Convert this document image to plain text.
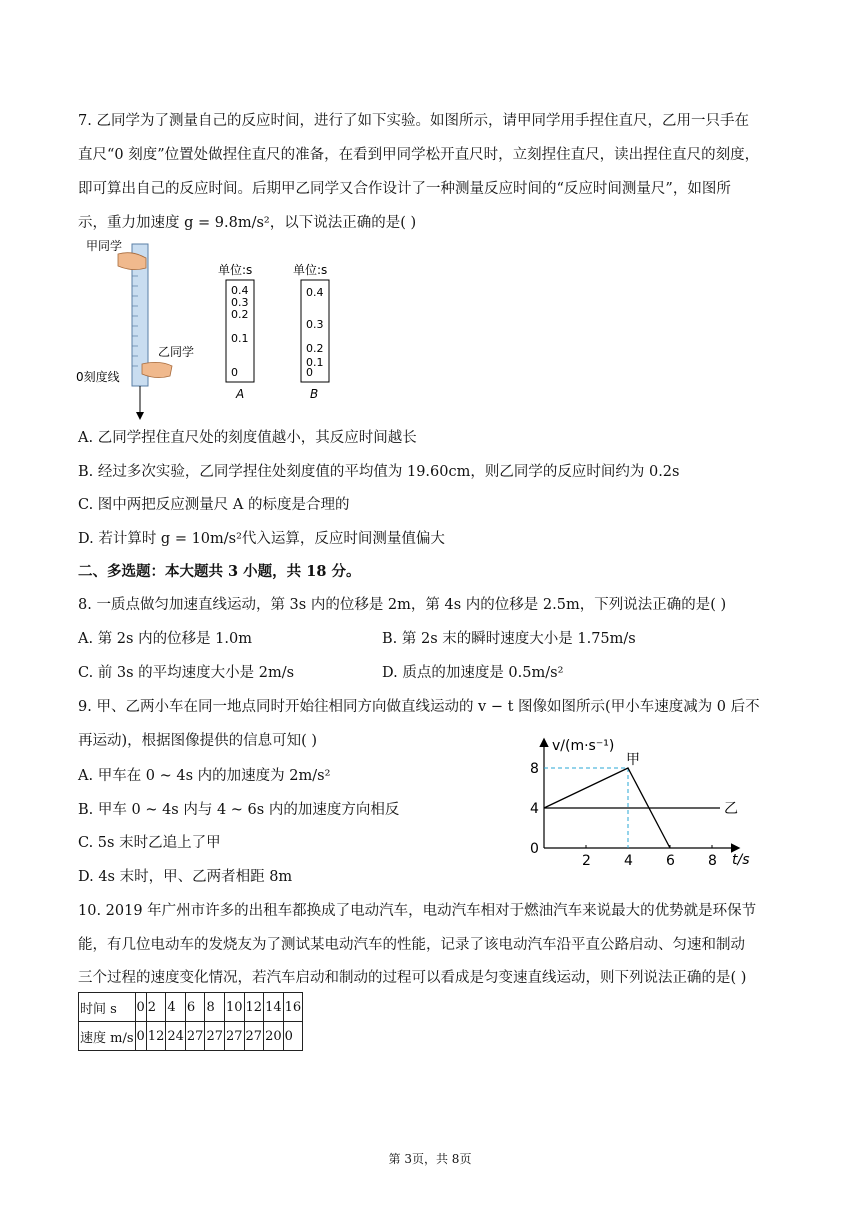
7. 乙同学为了测量自己的反应时间，进行了如下实验。如图所示，请甲同学用手捏住直尺，乙用一只手在
直尺“0 刻度”位置处做捏住直尺的准备，在看到甲同学松开直尺时，立刻捏住直尺，读出捏住直尺的刻度，
即可算出自己的反应时间。后期甲乙同学又合作设计了一种测量反应时间的“反应时间测量尺”，如图所
示，重力加速度 g = 9.8m/s²，以下说法正确的是( )
甲同学
乙同学
0刻度线
单位:s
0.4
0.3
0.2
0.1
0
A
单位:s
0.4
0.3
0.2
0.1
0
B
A. 乙同学捏住直尺处的刻度值越小，其反应时间越长
B. 经过多次实验，乙同学捏住处刻度值的平均值为 19.60cm，则乙同学的反应时间约为 0.2s
C. 图中两把反应测量尺 A 的标度是合理的
D. 若计算时 g = 10m/s²代入运算，反应时间测量值偏大
二、多选题：本大题共 3 小题，共 18 分。
8. 一质点做匀加速直线运动，第 3s 内的位移是 2m，第 4s 内的位移是 2.5m，下列说法正确的是( )
A. 第 2s 内的位移是 1.0m	B. 第 2s 末的瞬时速度大小是 1.75m/s
C. 前 3s 的平均速度大小是 2m/s	D. 质点的加速度是 0.5m/s²
9. 甲、乙两小车在同一地点同时开始往相同方向做直线运动的 v − t 图像如图所示(甲小车速度减为 0 后不
再运动)，根据图像提供的信息可知( )
A. 甲车在 0 ~ 4s 内的加速度为 2m/s²
B. 甲车 0 ~ 4s 内与 4 ~ 6s 内的加速度方向相反
C. 5s 末时乙追上了甲
D. 4s 末时，甲、乙两者相距 8m
v/(m·s⁻¹)
t/s
8
4
0
2 4 6 8
甲
乙
10. 2019 年广州市许多的出租车都换成了电动汽车，电动汽车相对于燃油汽车来说最大的优势就是环保节
能，有几位电动车的发烧友为了测试某电动汽车的性能，记录了该电动汽车沿平直公路启动、匀速和制动
三个过程的速度变化情况，若汽车启动和制动的过程可以看成是匀变速直线运动，则下列说法正确的是( )
时间 s	0	2	4	6	8	10	12	14	16
速度 m/s	0	12	24	27	27	27	27	20	0
第 3页，共 8页
